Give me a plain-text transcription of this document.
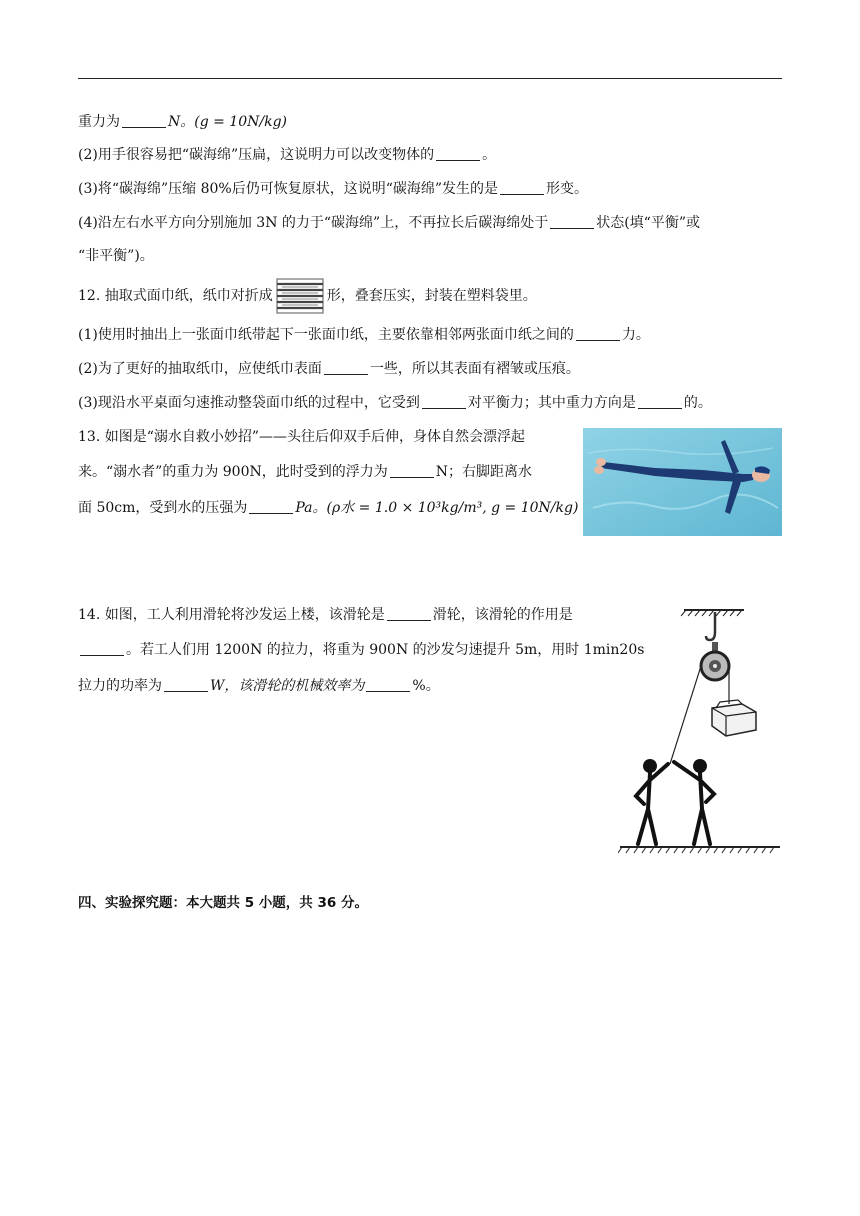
重力为	N。(g = 10N/kg)
(2)用手很容易把“碳海绵”压扁，这说明力可以改变物体的	。
(3)将“碳海绵”压缩 80%后仍可恢复原状，这说明“碳海绵”发生的是	形变。
(4)沿左右水平方向分别施加 3N 的力于“碳海绵”上，不再拉长后碳海绵处于	状态(填“平衡”或
“非平衡”)。
12. 抽取式面巾纸，纸巾对折成	形，叠套压实，封装在塑料袋里。
(1)使用时抽出上一张面巾纸带起下一张面巾纸，主要依靠相邻两张面巾纸之间的	力。
(2)为了更好的抽取纸巾，应使纸巾表面	一些，所以其表面有褶皱或压痕。
(3)现沿水平桌面匀速推动整袋面巾纸的过程中，它受到	对平衡力；其中重力方向是	的。
13. 如图是“溺水自救小妙招”——头往后仰双手后伸，身体自然会漂浮起
来。“溺水者”的重力为 900N，此时受到的浮力为	N；右脚距离水
面 50cm，受到水的压强为	Pa。(ρ水 = 1.0 × 10³kg/m³, g = 10N/kg)
14. 如图，工人利用滑轮将沙发运上楼，该滑轮是	滑轮，该滑轮的作用是
。若工人们用 1200N 的拉力，将重为 900N 的沙发匀速提升 5m，用时 1min20s
拉力的功率为	W，该滑轮的机械效率为	%。
四、实验探究题：本大题共 5 小题，共 36 分。
